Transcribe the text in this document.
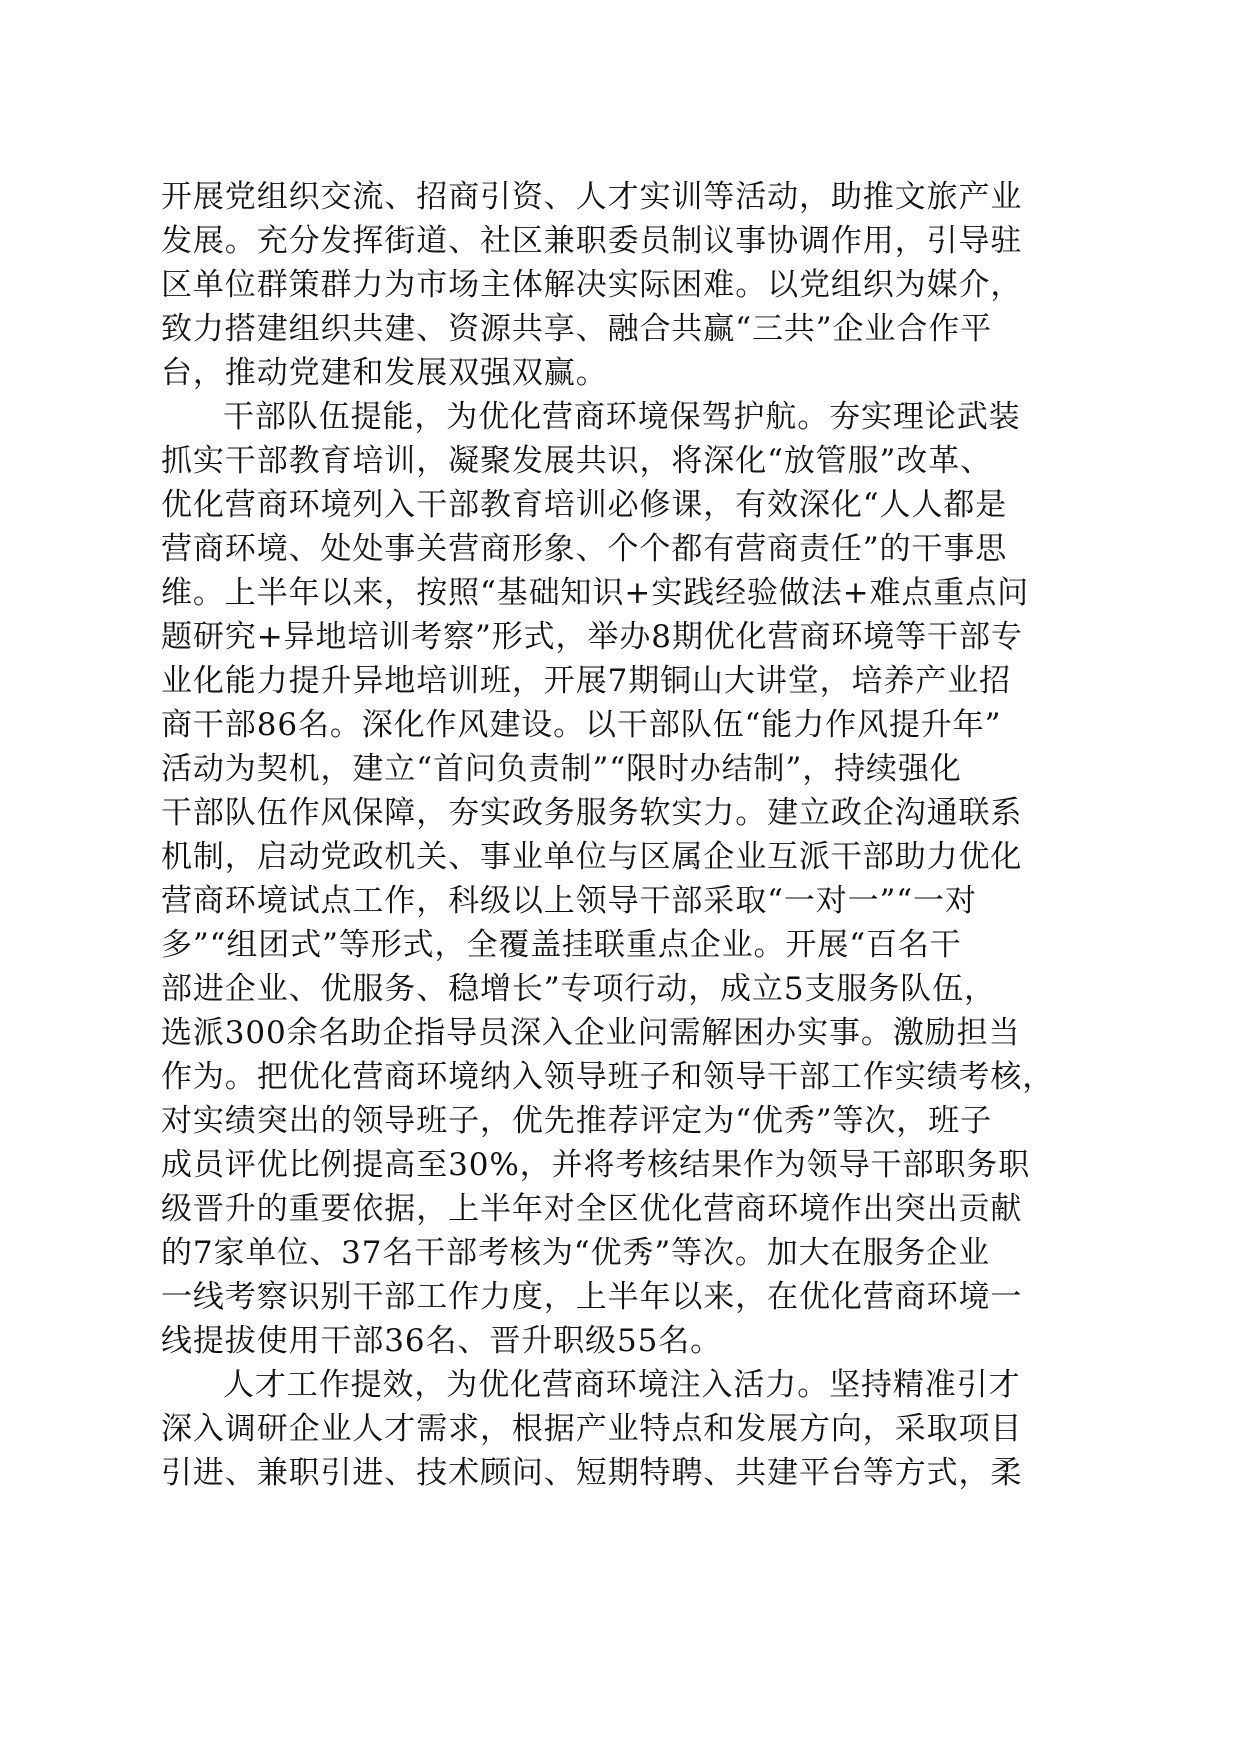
开展党组织交流、招商引资、人才实训等活动，助推文旅产业
发展。充分发挥街道、社区兼职委员制议事协调作用，引导驻
区单位群策群力为市场主体解决实际困难。以党组织为媒介，
致力搭建组织共建、资源共享、融合共赢“三共”企业合作平
台，推动党建和发展双强双赢。

干部队伍提能，为优化营商环境保驾护航。夯实理论武装
抓实干部教育培训，凝聚发展共识，将深化“放管服”改革、
优化营商环境列入干部教育培训必修课，有效深化“人人都是
营商环境、处处事关营商形象、个个都有营商责任”的干事思
维。上半年以来，按照“基础知识+实践经验做法+难点重点问
题研究+异地培训考察”形式，举办8期优化营商环境等干部专
业化能力提升异地培训班，开展7期铜山大讲堂，培养产业招
商干部86名。深化作风建设。以干部队伍“能力作风提升年”
活动为契机，建立“首问负责制”“限时办结制”，持续强化
干部队伍作风保障，夯实政务服务软实力。建立政企沟通联系
机制，启动党政机关、事业单位与区属企业互派干部助力优化
营商环境试点工作，科级以上领导干部采取“一对一”“一对
多”“组团式”等形式，全覆盖挂联重点企业。开展“百名干
部进企业、优服务、稳增长”专项行动，成立5支服务队伍，
选派300余名助企指导员深入企业问需解困办实事。激励担当
作为。把优化营商环境纳入领导班子和领导干部工作实绩考核，
对实绩突出的领导班子，优先推荐评定为“优秀”等次，班子
成员评优比例提高至30%，并将考核结果作为领导干部职务职
级晋升的重要依据，上半年对全区优化营商环境作出突出贡献
的7家单位、37名干部考核为“优秀”等次。加大在服务企业
一线考察识别干部工作力度，上半年以来，在优化营商环境一
线提拔使用干部36名、晋升职级55名。

人才工作提效，为优化营商环境注入活力。坚持精准引才
深入调研企业人才需求，根据产业特点和发展方向，采取项目
引进、兼职引进、技术顾问、短期特聘、共建平台等方式，柔
